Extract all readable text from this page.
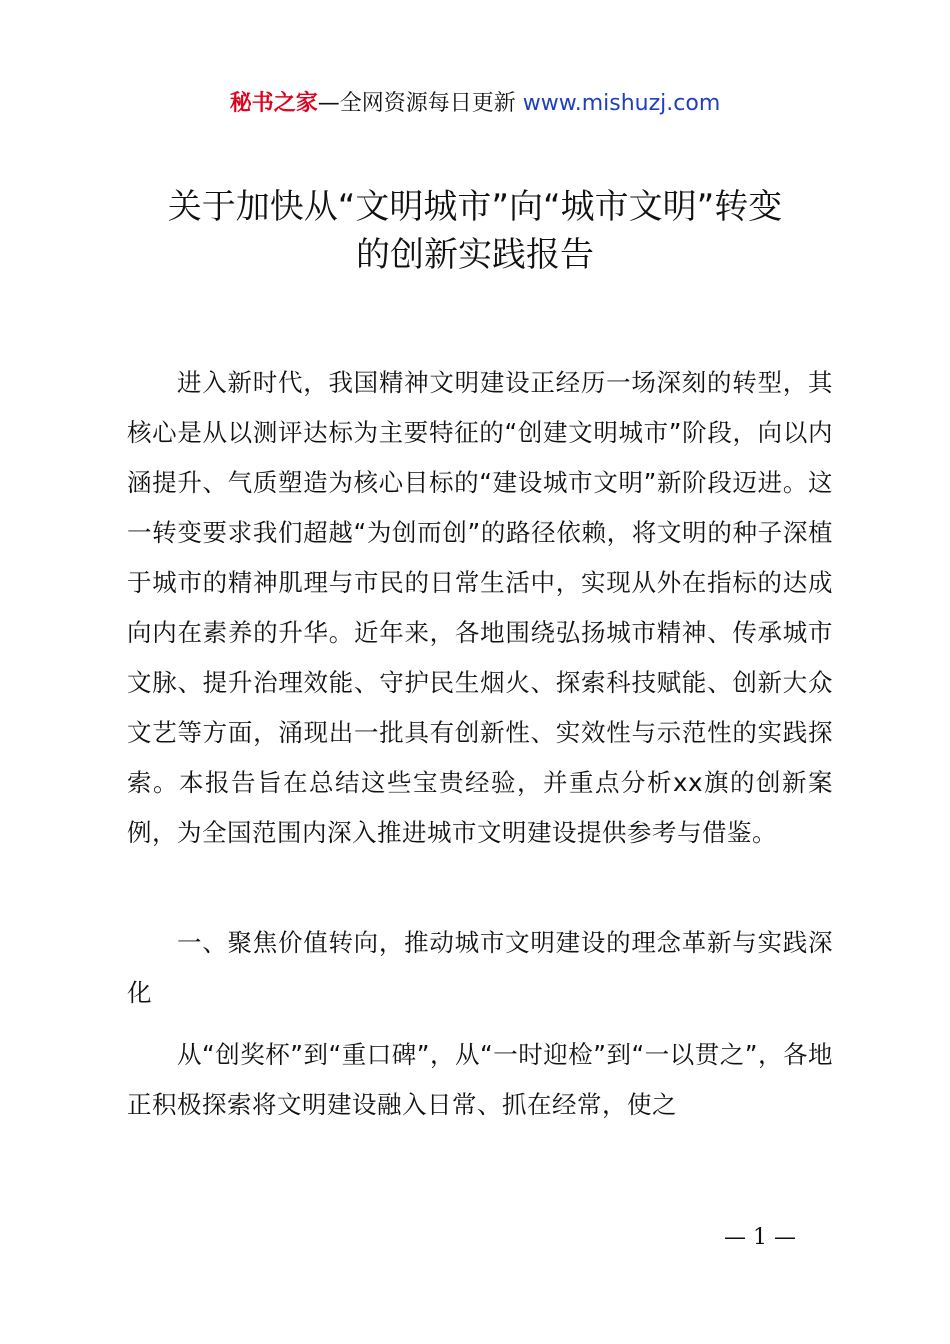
秘书之家—全网资源每日更新 www.mishuzj.com
关于加快从“文明城市”向“城市文明”转变
的创新实践报告
进入新时代，我国精神文明建设正经历一场深刻的转型，其核心是从以测评达标为主要特征的“创建文明城市”阶段，向以内涵提升、气质塑造为核心目标的“建设城市文明”新阶段迈进。这一转变要求我们超越“为创而创”的路径依赖，将文明的种子深植于城市的精神肌理与市民的日常生活中，实现从外在指标的达成向内在素养的升华。近年来，各地围绕弘扬城市精神、传承城市文脉、提升治理效能、守护民生烟火、探索科技赋能、创新大众文艺等方面，涌现出一批具有创新性、实效性与示范性的实践探索。本报告旨在总结这些宝贵经验，并重点分析xx旗的创新案例，为全国范围内深入推进城市文明建设提供参考与借鉴。
一、聚焦价值转向，推动城市文明建设的理念革新与实践深化
从“创奖杯”到“重口碑”，从“一时迎检”到“一以贯之”，各地正积极探索将文明建设融入日常、抓在经常，使之
— 1 —
